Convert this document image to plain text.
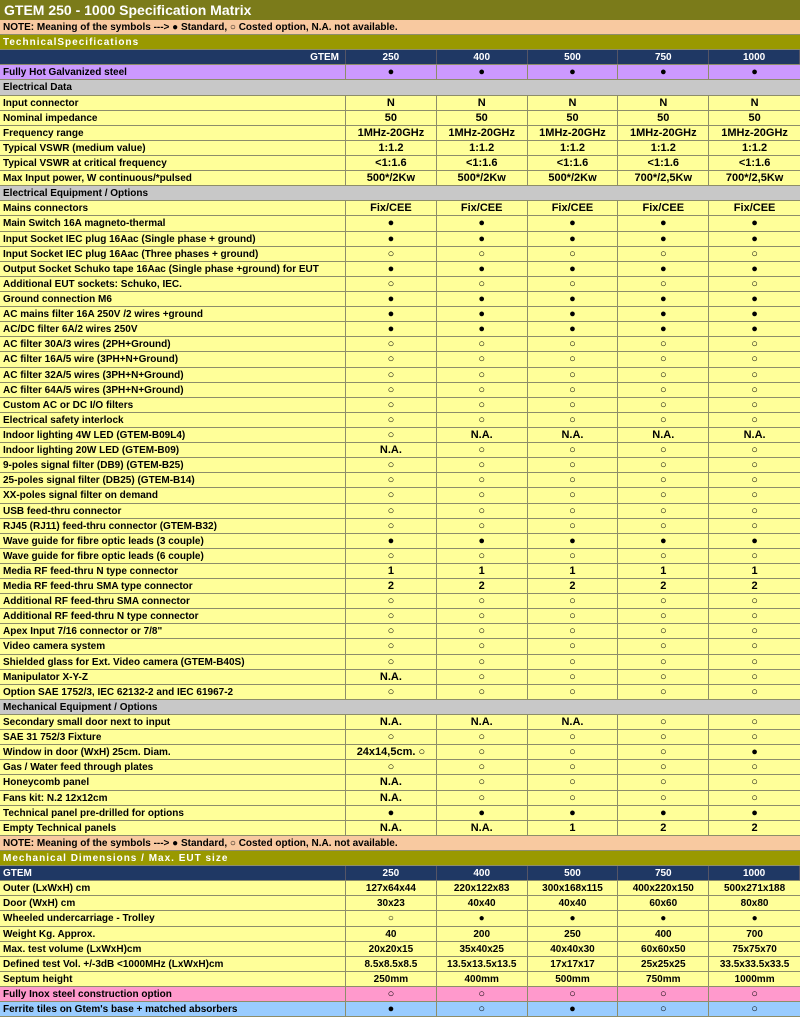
GTEM 250 - 1000 Specification Matrix
NOTE: Meaning of the symbols ---> ● Standard, ○ Costed option, N.A. not available.
TechnicalSpecifications
GTEM	250	400	500	750	1000
Fully Hot Galvanized steel	●	●	●	●	●
Electrical Data
Input connector	N	N	N	N	N
Nominal impedance	50	50	50	50	50
Frequency range	1MHz-20GHz	1MHz-20GHz	1MHz-20GHz	1MHz-20GHz	1MHz-20GHz
Typical VSWR (medium value)	1:1.2	1:1.2	1:1.2	1:1.2	1:1.2
Typical VSWR at critical frequency	<1:1.6	<1:1.6	<1:1.6	<1:1.6	<1:1.6
Max Input power, W continuous/*pulsed	500*/2Kw	500*/2Kw	500*/2Kw	700*/2,5Kw	700*/2,5Kw
Electrical Equipment / Options
Mains connectors	Fix/CEE	Fix/CEE	Fix/CEE	Fix/CEE	Fix/CEE
Main Switch 16A magneto-thermal	●	●	●	●	●
Input Socket IEC plug 16Aac (Single phase + ground)	●	●	●	●	●
Input Socket IEC plug 16Aac (Three phases + ground)	○	○	○	○	○
Output Socket Schuko tape 16Aac (Single phase +ground) for EUT	●	●	●	●	●
Additional EUT sockets: Schuko, IEC.	○	○	○	○	○
Ground connection M6	●	●	●	●	●
AC mains filter 16A 250V /2 wires +ground	●	●	●	●	●
AC/DC filter 6A/2 wires 250V	●	●	●	●	●
AC filter 30A/3 wires (2PH+Ground)	○	○	○	○	○
AC filter 16A/5 wire (3PH+N+Ground)	○	○	○	○	○
AC filter 32A/5 wires (3PH+N+Ground)	○	○	○	○	○
AC filter 64A/5 wires (3PH+N+Ground)	○	○	○	○	○
Custom AC or DC I/O filters	○	○	○	○	○
Electrical safety interlock	○	○	○	○	○
Indoor lighting 4W LED (GTEM-B09L4)	○	N.A.	N.A.	N.A.	N.A.
Indoor lighting 20W LED (GTEM-B09)	N.A.	○	○	○	○
9-poles signal filter (DB9) (GTEM-B25)	○	○	○	○	○
25-poles signal filter (DB25) (GTEM-B14)	○	○	○	○	○
XX-poles signal filter on demand	○	○	○	○	○
USB feed-thru connector	○	○	○	○	○
RJ45 (RJ11) feed-thru connector (GTEM-B32)	○	○	○	○	○
Wave guide for fibre optic leads (3 couple)	●	●	●	●	●
Wave guide for fibre optic leads (6 couple)	○	○	○	○	○
Media RF feed-thru N type connector	1	1	1	1	1
Media RF feed-thru SMA type connector	2	2	2	2	2
Additional RF feed-thru SMA connector	○	○	○	○	○
Additional RF feed-thru N type connector	○	○	○	○	○
Apex Input 7/16 connector or 7/8"	○	○	○	○	○
Video camera system	○	○	○	○	○
Shielded glass for Ext. Video camera (GTEM-B40S)	○	○	○	○	○
Manipulator X-Y-Z	N.A.	○	○	○	○
Option SAE 1752/3, IEC 62132-2 and IEC 61967-2	○	○	○	○	○
Mechanical Equipment / Options
Secondary small door next to input	N.A.	N.A.	N.A.	○	○
SAE 31 752/3 Fixture	○	○	○	○	○
Window in door (WxH) 25cm. Diam.	24x14,5cm. ○	○	○	○	●
Gas / Water feed through plates	○	○	○	○	○
Honeycomb panel	N.A.	○	○	○	○
Fans kit: N.2 12x12cm	N.A.	○	○	○	○
Technical panel pre-drilled for options	●	●	●	●	●
Empty Technical panels	N.A.	N.A.	1	2	2
NOTE: Meaning of the symbols ---> ● Standard, ○ Costed option, N.A. not available.
Mechanical Dimensions / Max. EUT size
GTEM	250	400	500	750	1000
Outer (LxWxH) cm	127x64x44	220x122x83	300x168x115	400x220x150	500x271x188
Door (WxH) cm	30x23	40x40	40x40	60x60	80x80
Wheeled undercarriage - Trolley	○	●	●	●	●
Weight Kg. Approx.	40	200	250	400	700
Max. test volume (LxWxH)cm	20x20x15	35x40x25	40x40x30	60x60x50	75x75x70
Defined test Vol. +/-3dB <1000MHz (LxWxH)cm	8.5x8.5x8.5	13.5x13.5x13.5	17x17x17	25x25x25	33.5x33.5x33.5
Septum height	250mm	400mm	500mm	750mm	1000mm
Fully Inox steel construction option	○	○	○	○	○
Ferrite tiles on Gtem's base + matched absorbers	●	○	●	○	○
